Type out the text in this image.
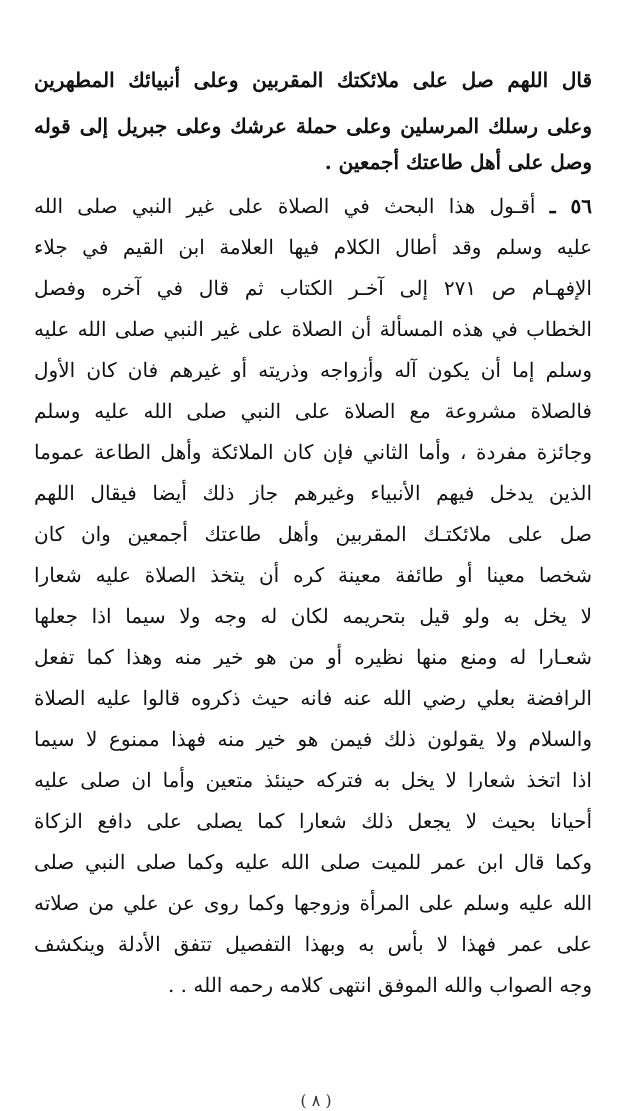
قال اللهم صل على ملائكتك المقربين وعلى أنبيائك المطهرين
وعلى رسلك المرسلين وعلى حملة عرشك وعلى جبريل إلى قوله
وصل على أهل طاعتك أجمعين .
٥٦ ـ أقـول هذا البحث في الصلاة على غير النبي صلى الله
عليه وسلم وقد أطال الكلام فيها العلامة ابن القيم في جلاء
الإفهـام ص ٢٧١ إلى آخـر الكتاب ثم قال في آخره وفصل
الخطاب في هذه المسألة أن الصلاة على غير النبي صلى الله عليه
وسلم إما أن يكون آله وأزواجه وذريته أو غيرهم فان كان الأول
فالصلاة مشروعة مع الصلاة على النبي صلى الله عليه وسلم
وجائزة مفردة ، وأما الثاني فإن كان الملائكة وأهل الطاعة عموما
الذين يدخل فيهم الأنبياء وغيرهم جاز ذلك أيضا فيقال اللهم
صل على ملائكتـك المقربين وأهل طاعتك أجمعين وان كان
شخصا معينا أو طائفة معينة كره أن يتخذ الصلاة عليه شعارا
لا يخل به ولو قيل بتحريمه لكان له وجه ولا سيما اذا جعلها
شعـارا له ومنع منها نظيره أو من هو خير منه وهذا كما تفعل
الرافضة بعلي رضي الله عنه فانه حيث ذكروه قالوا عليه الصلاة
والسلام ولا يقولون ذلك فيمن هو خير منه فهذا ممنوع لا سيما
اذا اتخذ شعارا لا يخل به فتركه حينئذ متعين وأما ان صلى عليه
أحيانا بحيث لا يجعل ذلك شعارا كما يصلى على دافع الزكاة
وكما قال ابن عمر للميت صلى الله عليه وكما صلى النبي صلى
الله عليه وسلم على المرأة وزوجها وكما روى عن علي من صلاته
على عمر فهذا لا بأس به وبهذا التفصيل تتفق الأدلة وينكشف
وجه الصواب والله الموفق انتهى كلامه رحمه الله . .
( ٨ )
